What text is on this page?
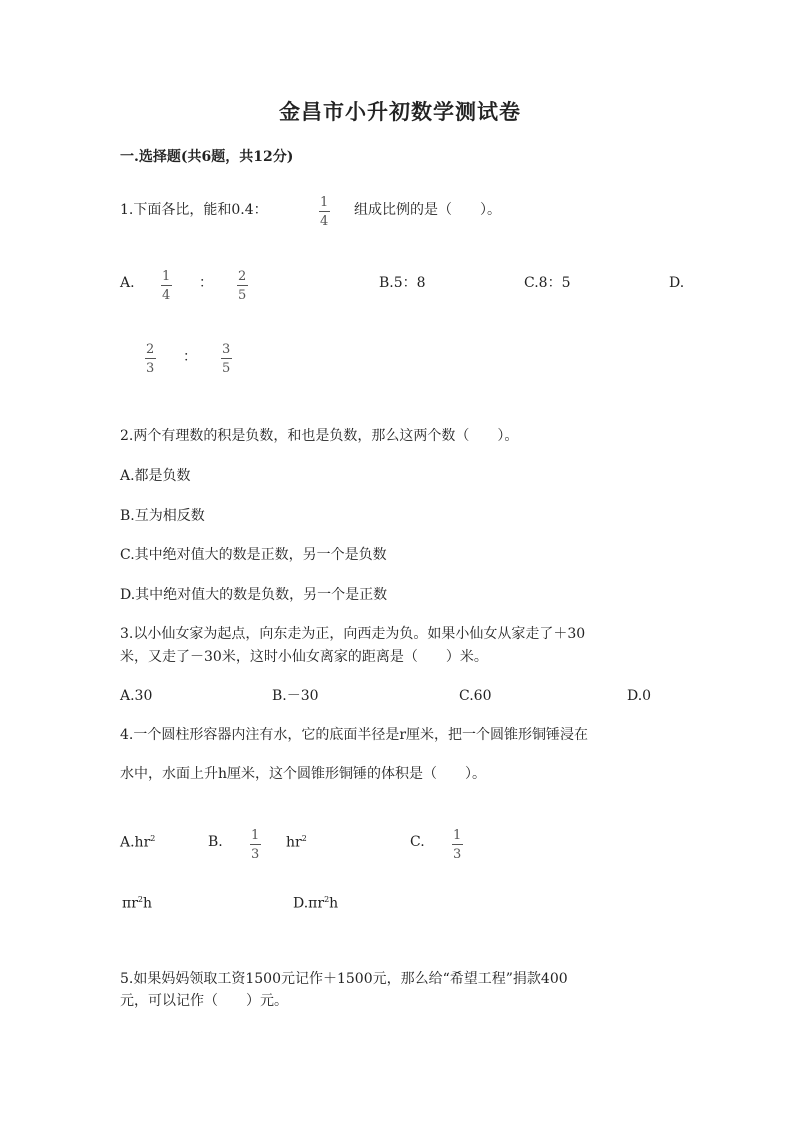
金昌市小升初数学测试卷
一.选择题(共6题，共12分)
1.下面各比，能和0.4：	1
4
组成比例的是（　　）。
A. 1
4
： 2
5
B.5：8	C.8：5	D.
2
3
： 3
5
2.两个有理数的积是负数，和也是负数，那么这两个数（　　）。
A.都是负数
B.互为相反数
C.其中绝对值大的数是正数，另一个是负数
D.其中绝对值大的数是负数，另一个是正数
3.以小仙女家为起点，向东走为正，向西走为负。如果小仙女从家走了＋30
米，又走了－30米，这时小仙女离家的距离是（　　）米。
A.30	B.－30	C.60	D.0
4.一个圆柱形容器内注有水，它的底面半径是r厘米，把一个圆锥形铜锤浸在
水中，水面上升h厘米，这个圆锥形铜锤的体积是（　　）。
$A.hr^2$	B. 1
3
$hr^2$	C. 1
3
$\pi r^2h$	$D.\pi r^2h$
5.如果妈妈领取工资1500元记作＋1500元，那么给“希望工程”捐款400
元，可以记作（　　）元。
